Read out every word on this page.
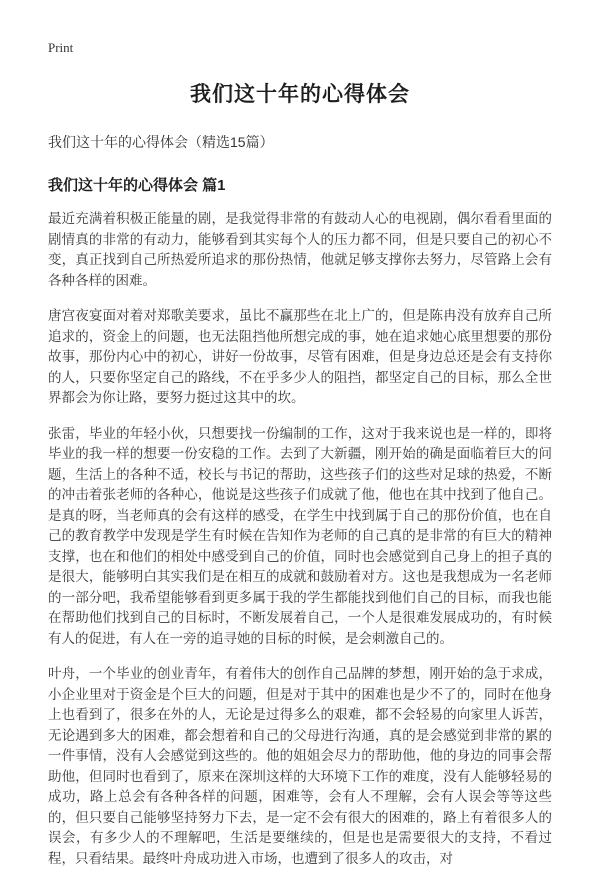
Print
我们这十年的心得体会
我们这十年的心得体会（精选15篇）
我们这十年的心得体会 篇1

最近充满着积极正能量的剧，是我觉得非常的有鼓动人心的电视剧，偶尔看看里面的剧情真的非常的有动力，能够看到其实每个人的压力都不同，但是只要自己的初心不变，真正找到自己所热爱所追求的那份热情，他就足够支撑你去努力，尽管路上会有各种各样的困难。

唐宫夜宴面对着对郑歌美要求，虽比不赢那些在北上广的，但是陈冉没有放弃自己所追求的，资金上的问题，也无法阻挡他所想完成的事，她在追求她心底里想要的那份故事，那份内心中的初心，讲好一份故事，尽管有困难，但是身边总还是会有支持你的人，只要你坚定自己的路线，不在乎多少人的阻挡，都坚定自己的目标，那么全世界都会为你让路，要努力挺过这其中的坎。

张雷，毕业的年轻小伙，只想要找一份编制的工作，这对于我来说也是一样的，即将毕业的我一样的想要一份安稳的工作。去到了大新疆，刚开始的确是面临着巨大的问题，生活上的各种不适，校长与书记的帮助，这些孩子们的这些对足球的热爱，不断的冲击着张老师的各种心，他说是这些孩子们成就了他，他也在其中找到了他自己。是真的呀，当老师真的会有这样的感受，在学生中找到属于自己的那份价值，也在自己的教育教学中发现是学生有时候在告知作为老师的自己真的是非常的有巨大的精神支撑，也在和他们的相处中感受到自己的价值，同时也会感觉到自己身上的担子真的是很大，能够明白其实我们是在相互的成就和鼓励着对方。这也是我想成为一名老师的一部分吧，我希望能够看到更多属于我的学生都能找到他们自己的目标，而我也能在帮助他们找到自己的目标时，不断发展着自己，一个人是很难发展成功的，有时候有人的促进，有人在一旁的追寻她的目标的时候，是会刺激自己的。

叶舟，一个毕业的创业青年，有着伟大的创作自己品牌的梦想，刚开始的急于求成，小企业里对于资金是个巨大的问题，但是对于其中的困难也是少不了的，同时在他身上也看到了，很多在外的人，无论是过得多么的艰难，都不会轻易的向家里人诉苦，无论遇到多大的困难，都会想着和自己的父母进行沟通，真的是会感觉到非常的累的一件事情，没有人会感觉到这些的。他的姐姐会尽力的帮助他，他的身边的同事会帮助他，但同时也看到了，原来在深圳这样的大环境下工作的难度，没有人能够轻易的成功，路上总会有各种各样的问题，困难等，会有人不理解，会有人误会等等这些的，但只要自己能够坚持努力下去，是一定不会有很大的困难的，路上有着很多人的误会，有多少人的不理解吧，生活是要继续的，但是也是需要很大的支持，不看过程，只看结果。最终叶舟成功进入市场，也遭到了很多人的攻击，对
